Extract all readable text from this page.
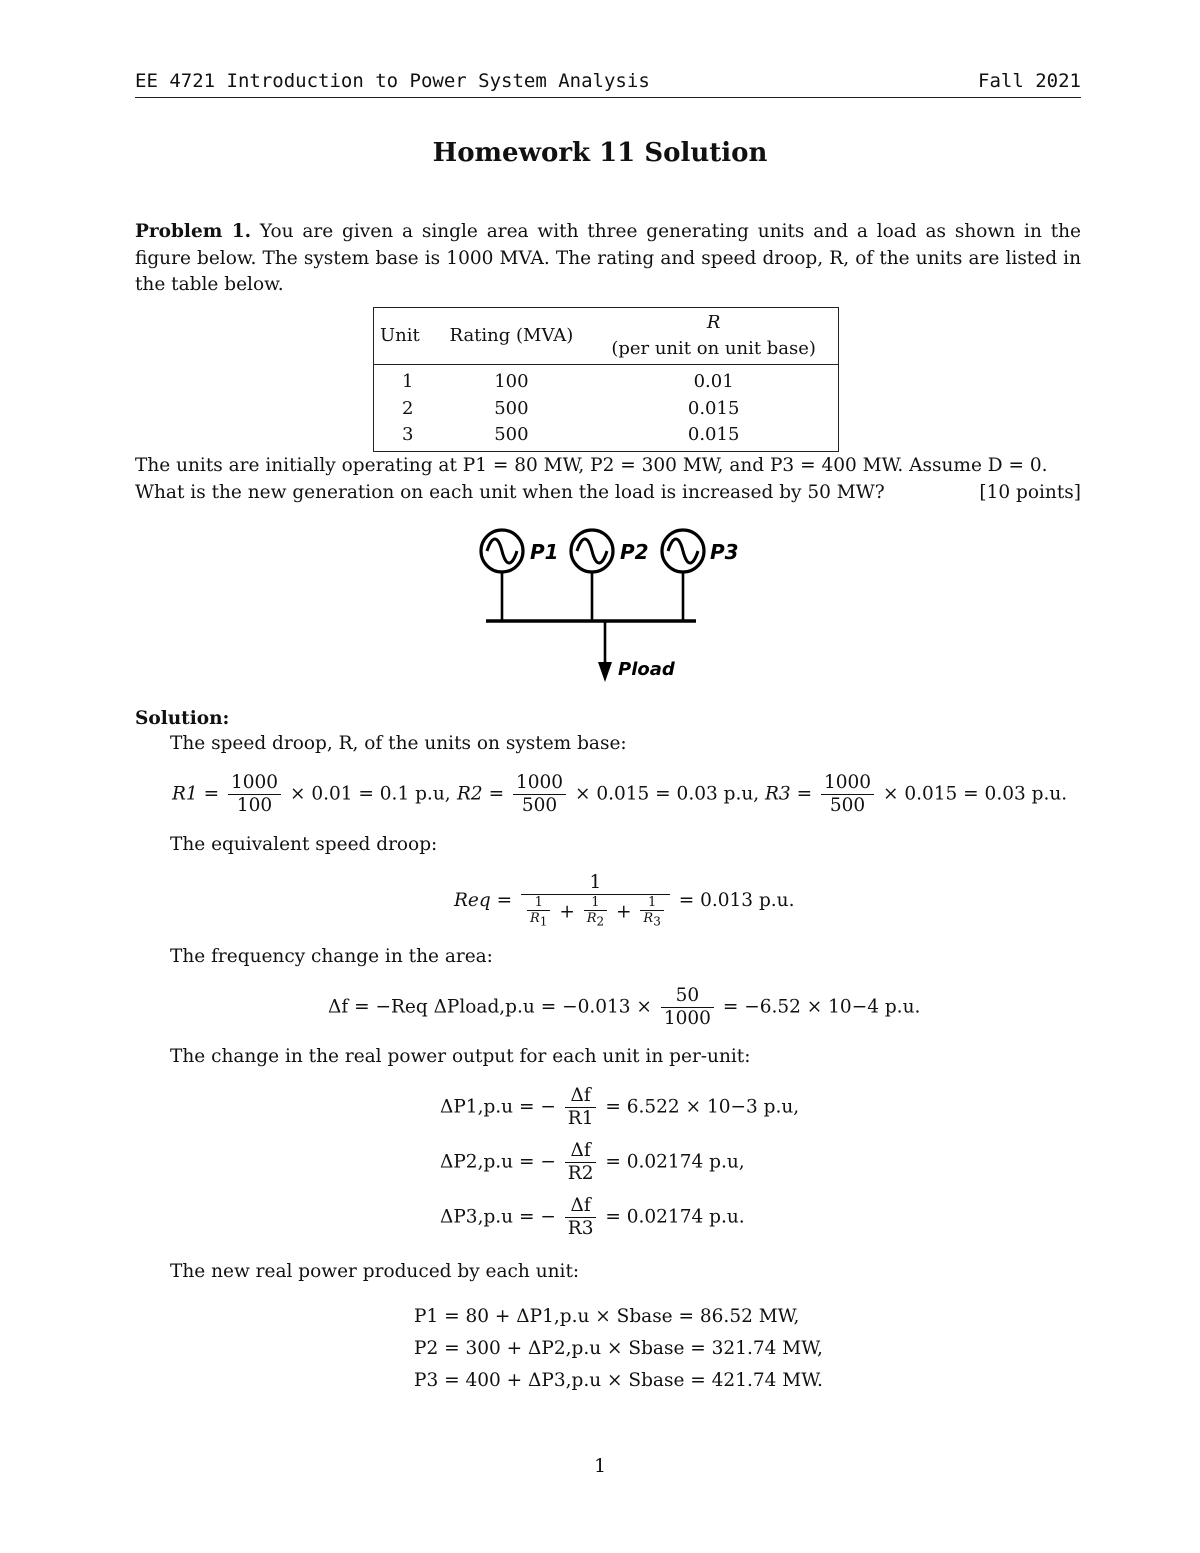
EE 4721 Introduction to Power System Analysis	Fall 2021
Homework 11 Solution
Problem 1. You are given a single area with three generating units and a load as shown in the figure below. The system base is 1000 MVA. The rating and speed droop, R, of the units are listed in the table below.
Unit	Rating (MVA)	R
(per unit on unit base)
1	100	0.01
2	500	0.015
3	500	0.015
The units are initially operating at P1 = 80 MW, P2 = 300 MW, and P3 = 400 MW. Assume D = 0.
What is the new generation on each unit when the load is increased by 50 MW?	[10 points]
P1	P2	P3
Pload
Solution:
The speed droop, R, of the units on system base:
$R1 = \frac{1000}{100} \times 0.01 = 0.1$ p.u, $R2 = \frac{1000}{500} \times 0.015 = 0.03$ p.u, $R3 = \frac{1000}{500} \times 0.015 = 0.03$ p.u.
The equivalent speed droop:
Req = $\frac{1}{\frac{1}{R_1} + \frac{1}{R_2} + \frac{1}{R_3}} = 0.013$ p.u.
The frequency change in the area:
Δf = −Req ΔPload,p.u = $-0.013 \times \frac{50}{1000} = -6.52 \times 10-4$ p.u.
The change in the real power output for each unit in per-unit:
ΔP1,p.u = − $\frac{\Delta f}{R1} = 6.522 \times 10-3$ p.u,
ΔP2,p.u = − $\frac{\Delta f}{R2} = 0.02174$ p.u,
ΔP3,p.u = − $\frac{\Delta f}{R3} = 0.02174$ p.u.
The new real power produced by each unit:
P1 = 80 + ΔP1,p.u × Sbase = 86.52 MW,
P2 = 300 + ΔP2,p.u × Sbase = 321.74 MW,
P3 = 400 + ΔP3,p.u × Sbase = 421.74 MW.
1
